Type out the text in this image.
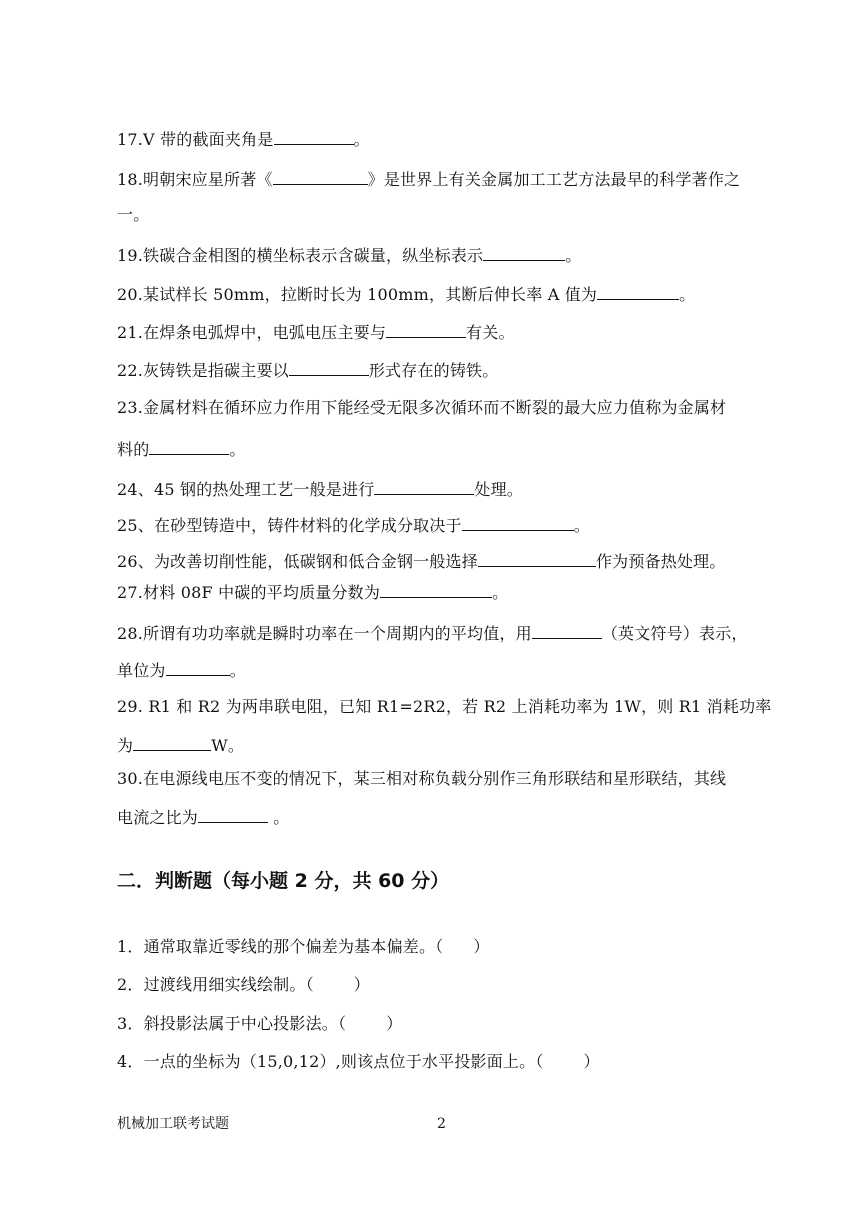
17.V 带的截面夹角是	。

18.明朝宋应星所著《	》是世界上有关金属加工工艺方法最早的科学著作之

一。

19.铁碳合金相图的横坐标表示含碳量，纵坐标表示	。

20.某试样长 50mm，拉断时长为 100mm，其断后伸长率 A 值为	。

21.在焊条电弧焊中，电弧电压主要与	有关。

22.灰铸铁是指碳主要以	形式存在的铸铁。

23.金属材料在循环应力作用下能经受无限多次循环而不断裂的最大应力值称为金属材

料的	。

24、45 钢的热处理工艺一般是进行	处理。

25、在砂型铸造中，铸件材料的化学成分取决于	。

26、为改善切削性能，低碳钢和低合金钢一般选择	作为预备热处理。

27.材料 08F 中碳的平均质量分数为	。

28.所谓有功功率就是瞬时功率在一个周期内的平均值，用	（英文符号）表示，

单位为	。

29. R1 和 R2 为两串联电阻，已知 R1=2R2，若 R2 上消耗功率为 1W，则 R1 消耗功率

为	W。

30.在电源线电压不变的情况下，某三相对称负载分别作三角形联结和星形联结，其线

电流之比为	。

二．判断题（每小题 2 分，共 60 分）

1．通常取靠近零线的那个偏差为基本偏差。（ ）

2．过渡线用细实线绘制。（	）

3．斜投影法属于中心投影法。（	）

4．一点的坐标为（15,0,12）,则该点位于水平投影面上。（	）

机械加工联考试题	2
